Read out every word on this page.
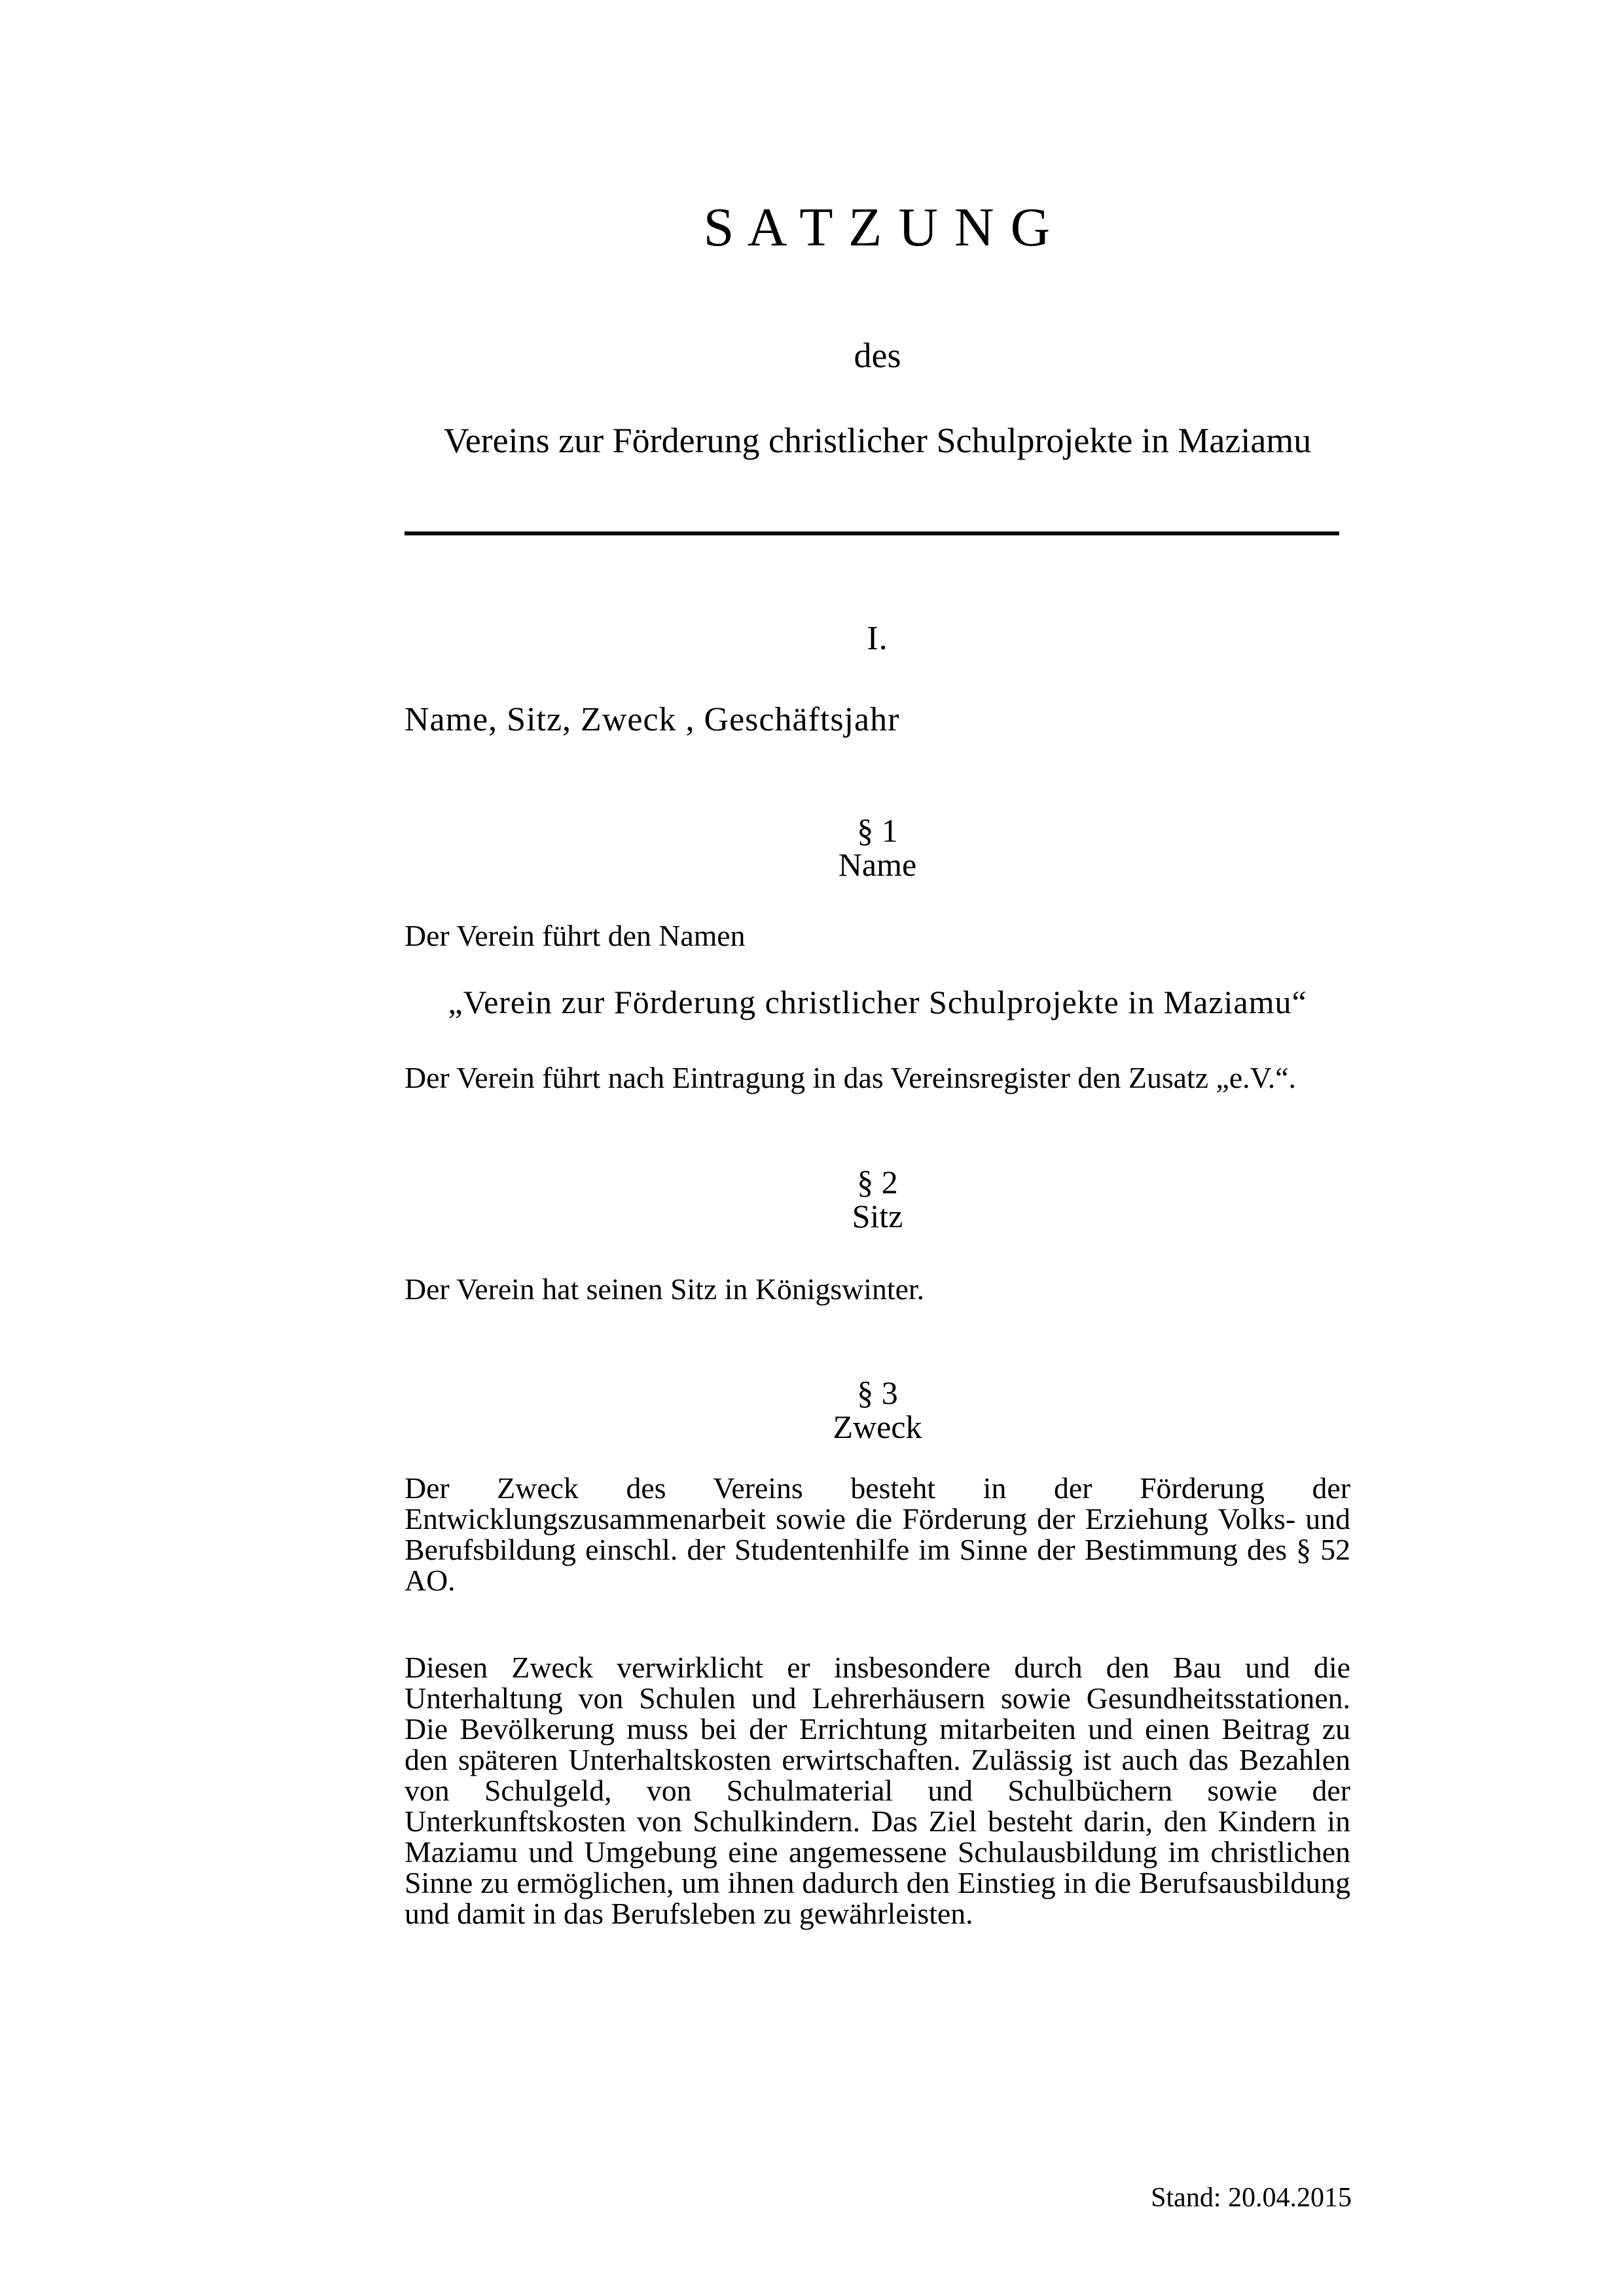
S A T Z U N G
des
Vereins zur Förderung christlicher Schulprojekte in Maziamu
I.
Name, Sitz, Zweck , Geschäftsjahr
§ 1
Name
Der Verein führt den Namen
„Verein zur Förderung christlicher Schulprojekte in Maziamu“
Der Verein führt nach Eintragung in das Vereinsregister den Zusatz „e.V.“.
§ 2
Sitz
Der Verein hat seinen Sitz in Königswinter.
§ 3
Zweck
Der Zweck des Vereins besteht in der Förderung der Entwicklungszusammenarbeit sowie die Förderung der Erziehung Volks- und Berufsbildung einschl. der Studentenhilfe im Sinne der Bestimmung des § 52 AO.
Diesen Zweck verwirklicht er insbesondere durch den Bau und die Unterhaltung von Schulen und Lehrerhäusern sowie Gesundheitsstationen. Die Bevölkerung muss bei der Errichtung mitarbeiten und einen Beitrag zu den späteren Unterhaltskosten erwirtschaften. Zulässig ist auch das Bezahlen von Schulgeld, von Schulmaterial und Schulbüchern sowie der Unterkunftskosten von Schulkindern. Das Ziel besteht darin, den Kindern in Maziamu und Umgebung eine angemessene Schulausbildung im christlichen Sinne zu ermöglichen, um ihnen dadurch den Einstieg in die Berufsausbildung und damit in das Berufsleben zu gewährleisten.
Stand: 20.04.2015
